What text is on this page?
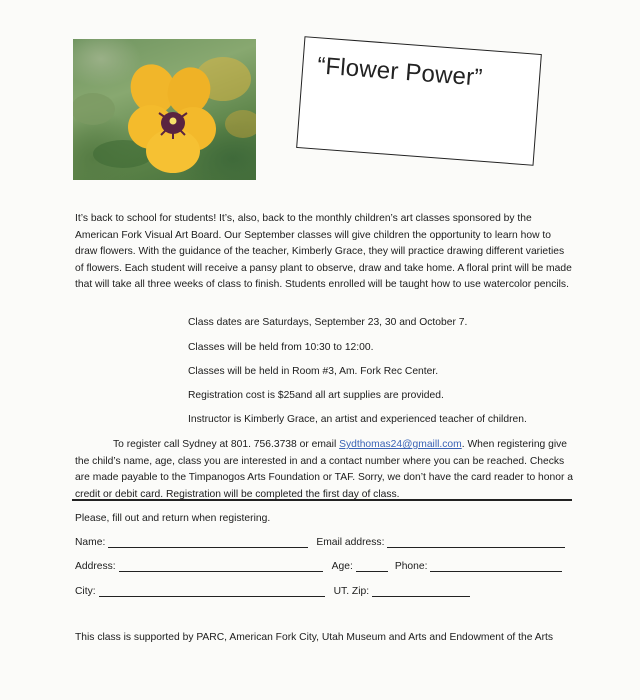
“Flower Power”
It’s back to school for students! It’s, also, back to the monthly children’s art classes sponsored by the American Fork Visual Art Board. Our September classes will give children the opportunity to learn how to draw flowers. With the guidance of the teacher, Kimberly Grace, they will practice drawing different varieties of flowers. Each student will receive a pansy plant to observe, draw and take home. A floral print will be made that will take all three weeks of class to finish. Students enrolled will be taught how to use watercolor pencils.
Class dates are Saturdays, September 23, 30 and October 7.
Classes will be held from 10:30 to 12:00.
Classes will be held in Room #3, Am. Fork Rec Center.
Registration cost is $25and all art supplies are provided.
Instructor is Kimberly Grace, an artist and experienced teacher of children.
To register call Sydney at 801. 756.3738 or email Sydthomas24@gmaill.com. When registering give the child’s name, age, class you are interested in and a contact number where you can be reached. Checks are made payable to the Timpanogos Arts Foundation or TAF. Sorry, we don’t have the card reader to honor a credit or debit card. Registration will be completed the first day of class.
Please, fill out and return when registering.
Name:	Email address:
Address:	Age:	Phone:
City:	UT. Zip:
This class is supported by PARC, American Fork City, Utah Museum and Arts and Endowment of the Arts
